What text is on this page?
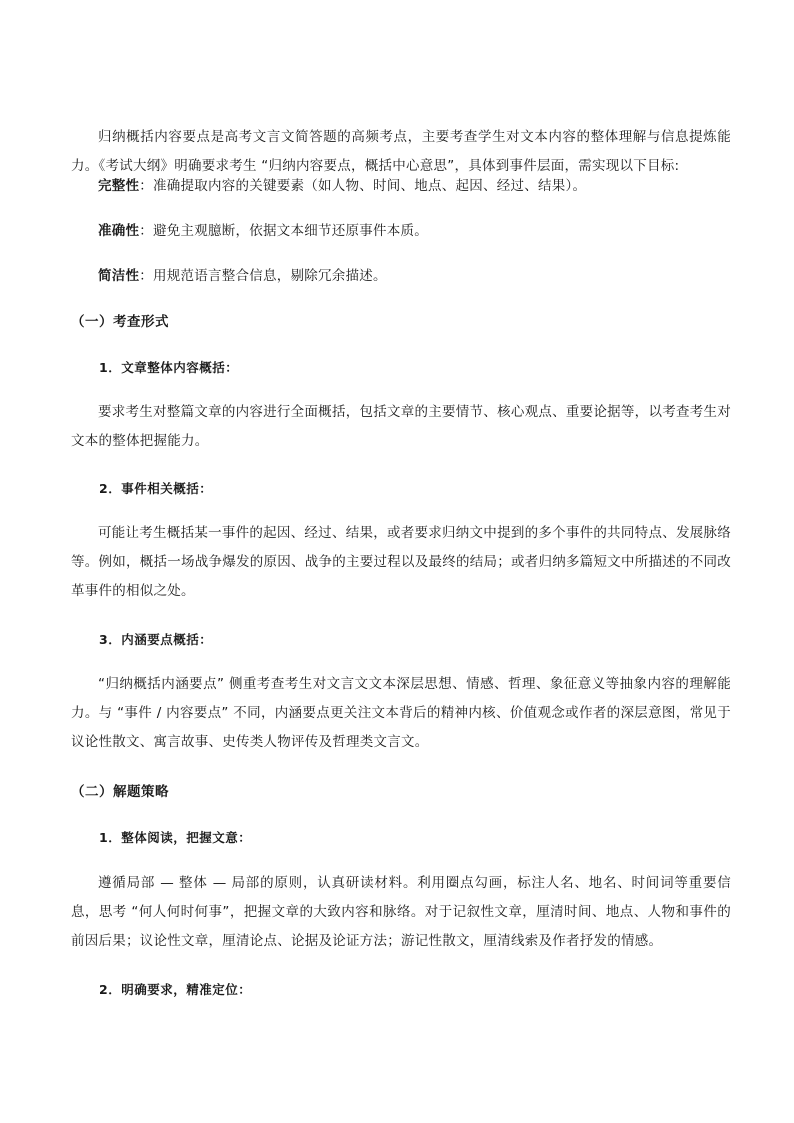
归纳概括内容要点是高考文言文简答题的高频考点，主要考查学生对文本内容的整体理解与信息提炼能力。《考试大纲》明确要求考生 “归纳内容要点，概括中心意思”，具体到事件层面，需实现以下目标:

完整性：准确提取内容的关键要素（如人物、时间、地点、起因、经过、结果）。

准确性：避免主观臆断，依据文本细节还原事件本质。

简洁性：用规范语言整合信息，剔除冗余描述。

（一）考查形式

1．文章整体内容概括：

要求考生对整篇文章的内容进行全面概括，包括文章的主要情节、核心观点、重要论据等，以考查考生对文本的整体把握能力。

2．事件相关概括：

可能让考生概括某一事件的起因、经过、结果，或者要求归纳文中提到的多个事件的共同特点、发展脉络等。例如，概括一场战争爆发的原因、战争的主要过程以及最终的结局；或者归纳多篇短文中所描述的不同改革事件的相似之处。

3．内涵要点概括：

“归纳概括内涵要点” 侧重考查考生对文言文文本深层思想、情感、哲理、象征意义等抽象内容的理解能力。与 “事件 / 内容要点” 不同，内涵要点更关注文本背后的精神内核、价值观念或作者的深层意图，常见于议论性散文、寓言故事、史传类人物评传及哲理类文言文。

（二）解题策略

1．整体阅读，把握文意：

遵循局部 — 整体 — 局部的原则，认真研读材料。利用圈点勾画，标注人名、地名、时间词等重要信息，思考 “何人何时何事”，把握文章的大致内容和脉络。对于记叙性文章，厘清时间、地点、人物和事件的前因后果；议论性文章，厘清论点、论据及论证方法；游记性散文，厘清线索及作者抒发的情感。

2．明确要求，精准定位：
